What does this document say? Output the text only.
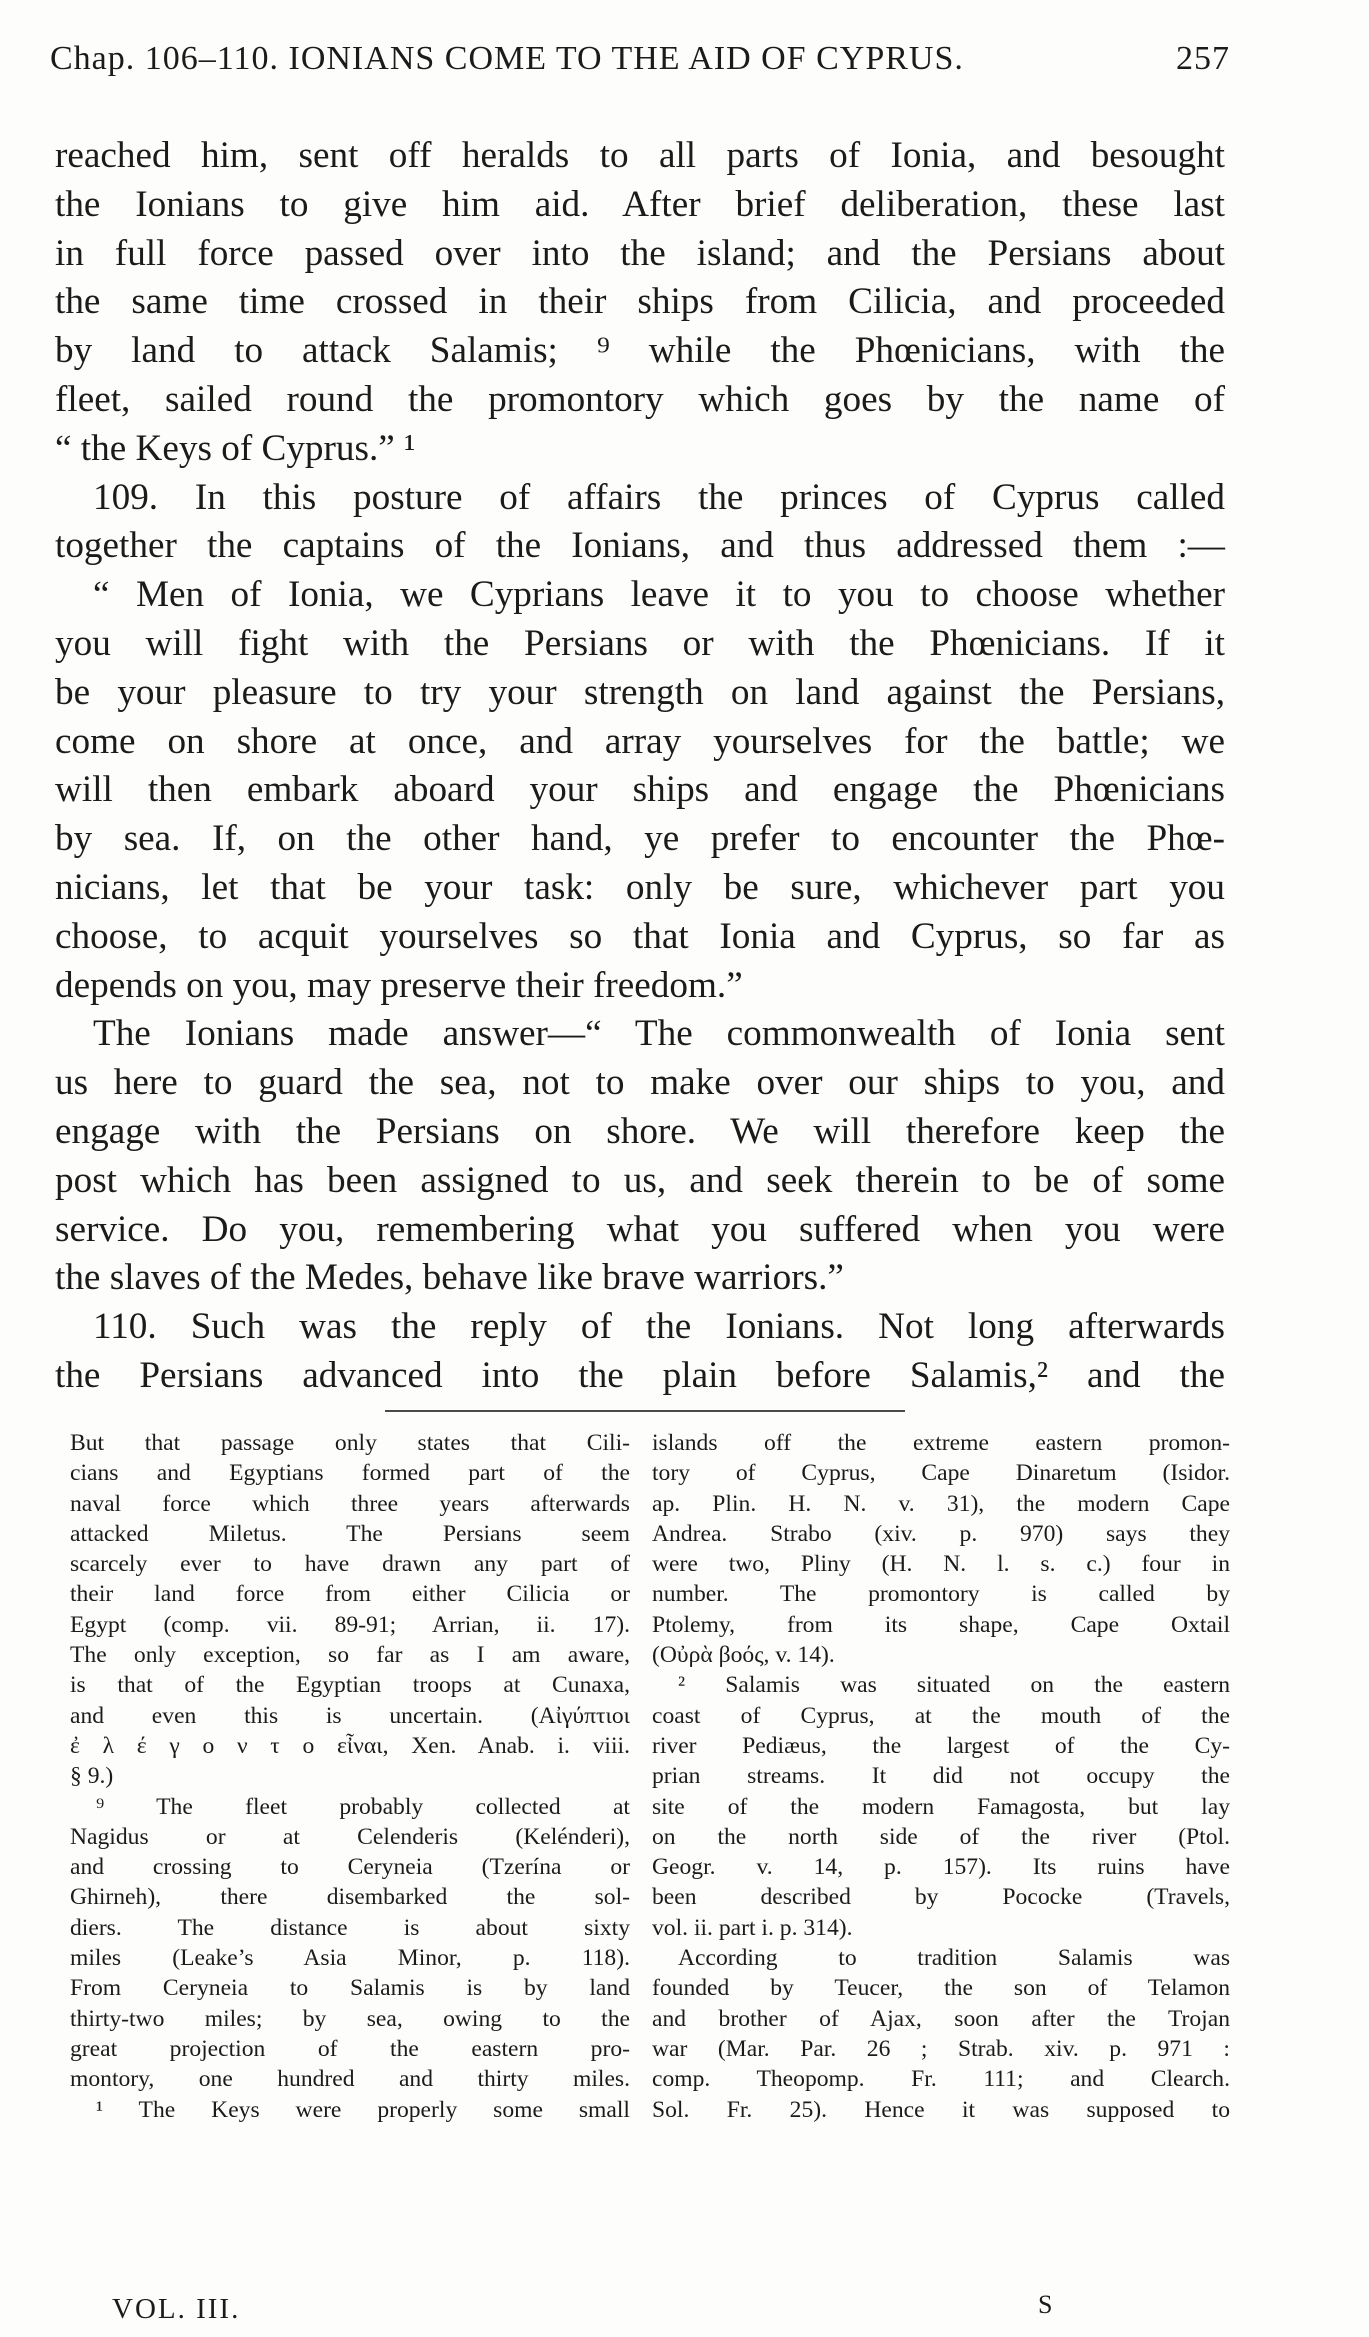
Chap. 106–110. IONIANS COME TO THE AID OF CYPRUS.	257

reached him, sent off heralds to all parts of Ionia, and besought

the Ionians to give him aid. After brief deliberation, these last

in full force passed over into the island; and the Persians about

the same time crossed in their ships from Cilicia, and proceeded

by land to attack Salamis; ⁹ while the Phœnicians, with the

fleet, sailed round the promontory which goes by the name of

“ the Keys of Cyprus.” ¹

109. In this posture of affairs the princes of Cyprus called

together the captains of the Ionians, and thus addressed them :—

“ Men of Ionia, we Cyprians leave it to you to choose whether

you will fight with the Persians or with the Phœnicians. If it

be your pleasure to try your strength on land against the Persians,

come on shore at once, and array yourselves for the battle; we

will then embark aboard your ships and engage the Phœnicians

by sea. If, on the other hand, ye prefer to encounter the Phœ-

nicians, let that be your task: only be sure, whichever part you

choose, to acquit yourselves so that Ionia and Cyprus, so far as

depends on you, may preserve their freedom.”

The Ionians made answer—“ The commonwealth of Ionia sent

us here to guard the sea, not to make over our ships to you, and

engage with the Persians on shore. We will therefore keep the

post which has been assigned to us, and seek therein to be of some

service. Do you, remembering what you suffered when you were

the slaves of the Medes, behave like brave warriors.”

110. Such was the reply of the Ionians. Not long afterwards

the Persians advanced into the plain before Salamis,² and the

But that passage only states that Cili-

cians and Egyptians formed part of the

naval force which three years afterwards

attacked Miletus. The Persians seem

scarcely ever to have drawn any part of

their land force from either Cilicia or

Egypt (comp. vii. 89-91; Arrian, ii. 17).

The only exception, so far as I am aware,

is that of the Egyptian troops at Cunaxa,

and even this is uncertain. (Αἰγύπτιοι

ἐ λ έ γ ο ν τ ο εἶναι, Xen. Anab. i. viii.

§ 9.)

⁹ The fleet probably collected at

Nagidus or at Celenderis (Kelénderi),

and crossing to Ceryneia (Tzerína or

Ghirneh), there disembarked the sol-

diers. The distance is about sixty

miles (Leake’s Asia Minor, p. 118).

From Ceryneia to Salamis is by land

thirty-two miles; by sea, owing to the

great projection of the eastern pro-

montory, one hundred and thirty miles.

¹ The Keys were properly some small

islands off the extreme eastern promon-

tory of Cyprus, Cape Dinaretum (Isidor.

ap. Plin. H. N. v. 31), the modern Cape

Andrea. Strabo (xiv. p. 970) says they

were two, Pliny (H. N. l. s. c.) four in

number. The promontory is called by

Ptolemy, from its shape, Cape Oxtail

(Οὐρὰ βοός, v. 14).

² Salamis was situated on the eastern

coast of Cyprus, at the mouth of the

river Pediæus, the largest of the Cy-

prian streams. It did not occupy the

site of the modern Famagosta, but lay

on the north side of the river (Ptol.

Geogr. v. 14, p. 157). Its ruins have

been described by Pococke (Travels,

vol. ii. part i. p. 314).

According to tradition Salamis was

founded by Teucer, the son of Telamon

and brother of Ajax, soon after the Trojan

war (Mar. Par. 26 ; Strab. xiv. p. 971 :

comp. Theopomp. Fr. 111; and Clearch.

Sol. Fr. 25). Hence it was supposed to

VOL. III.	S
